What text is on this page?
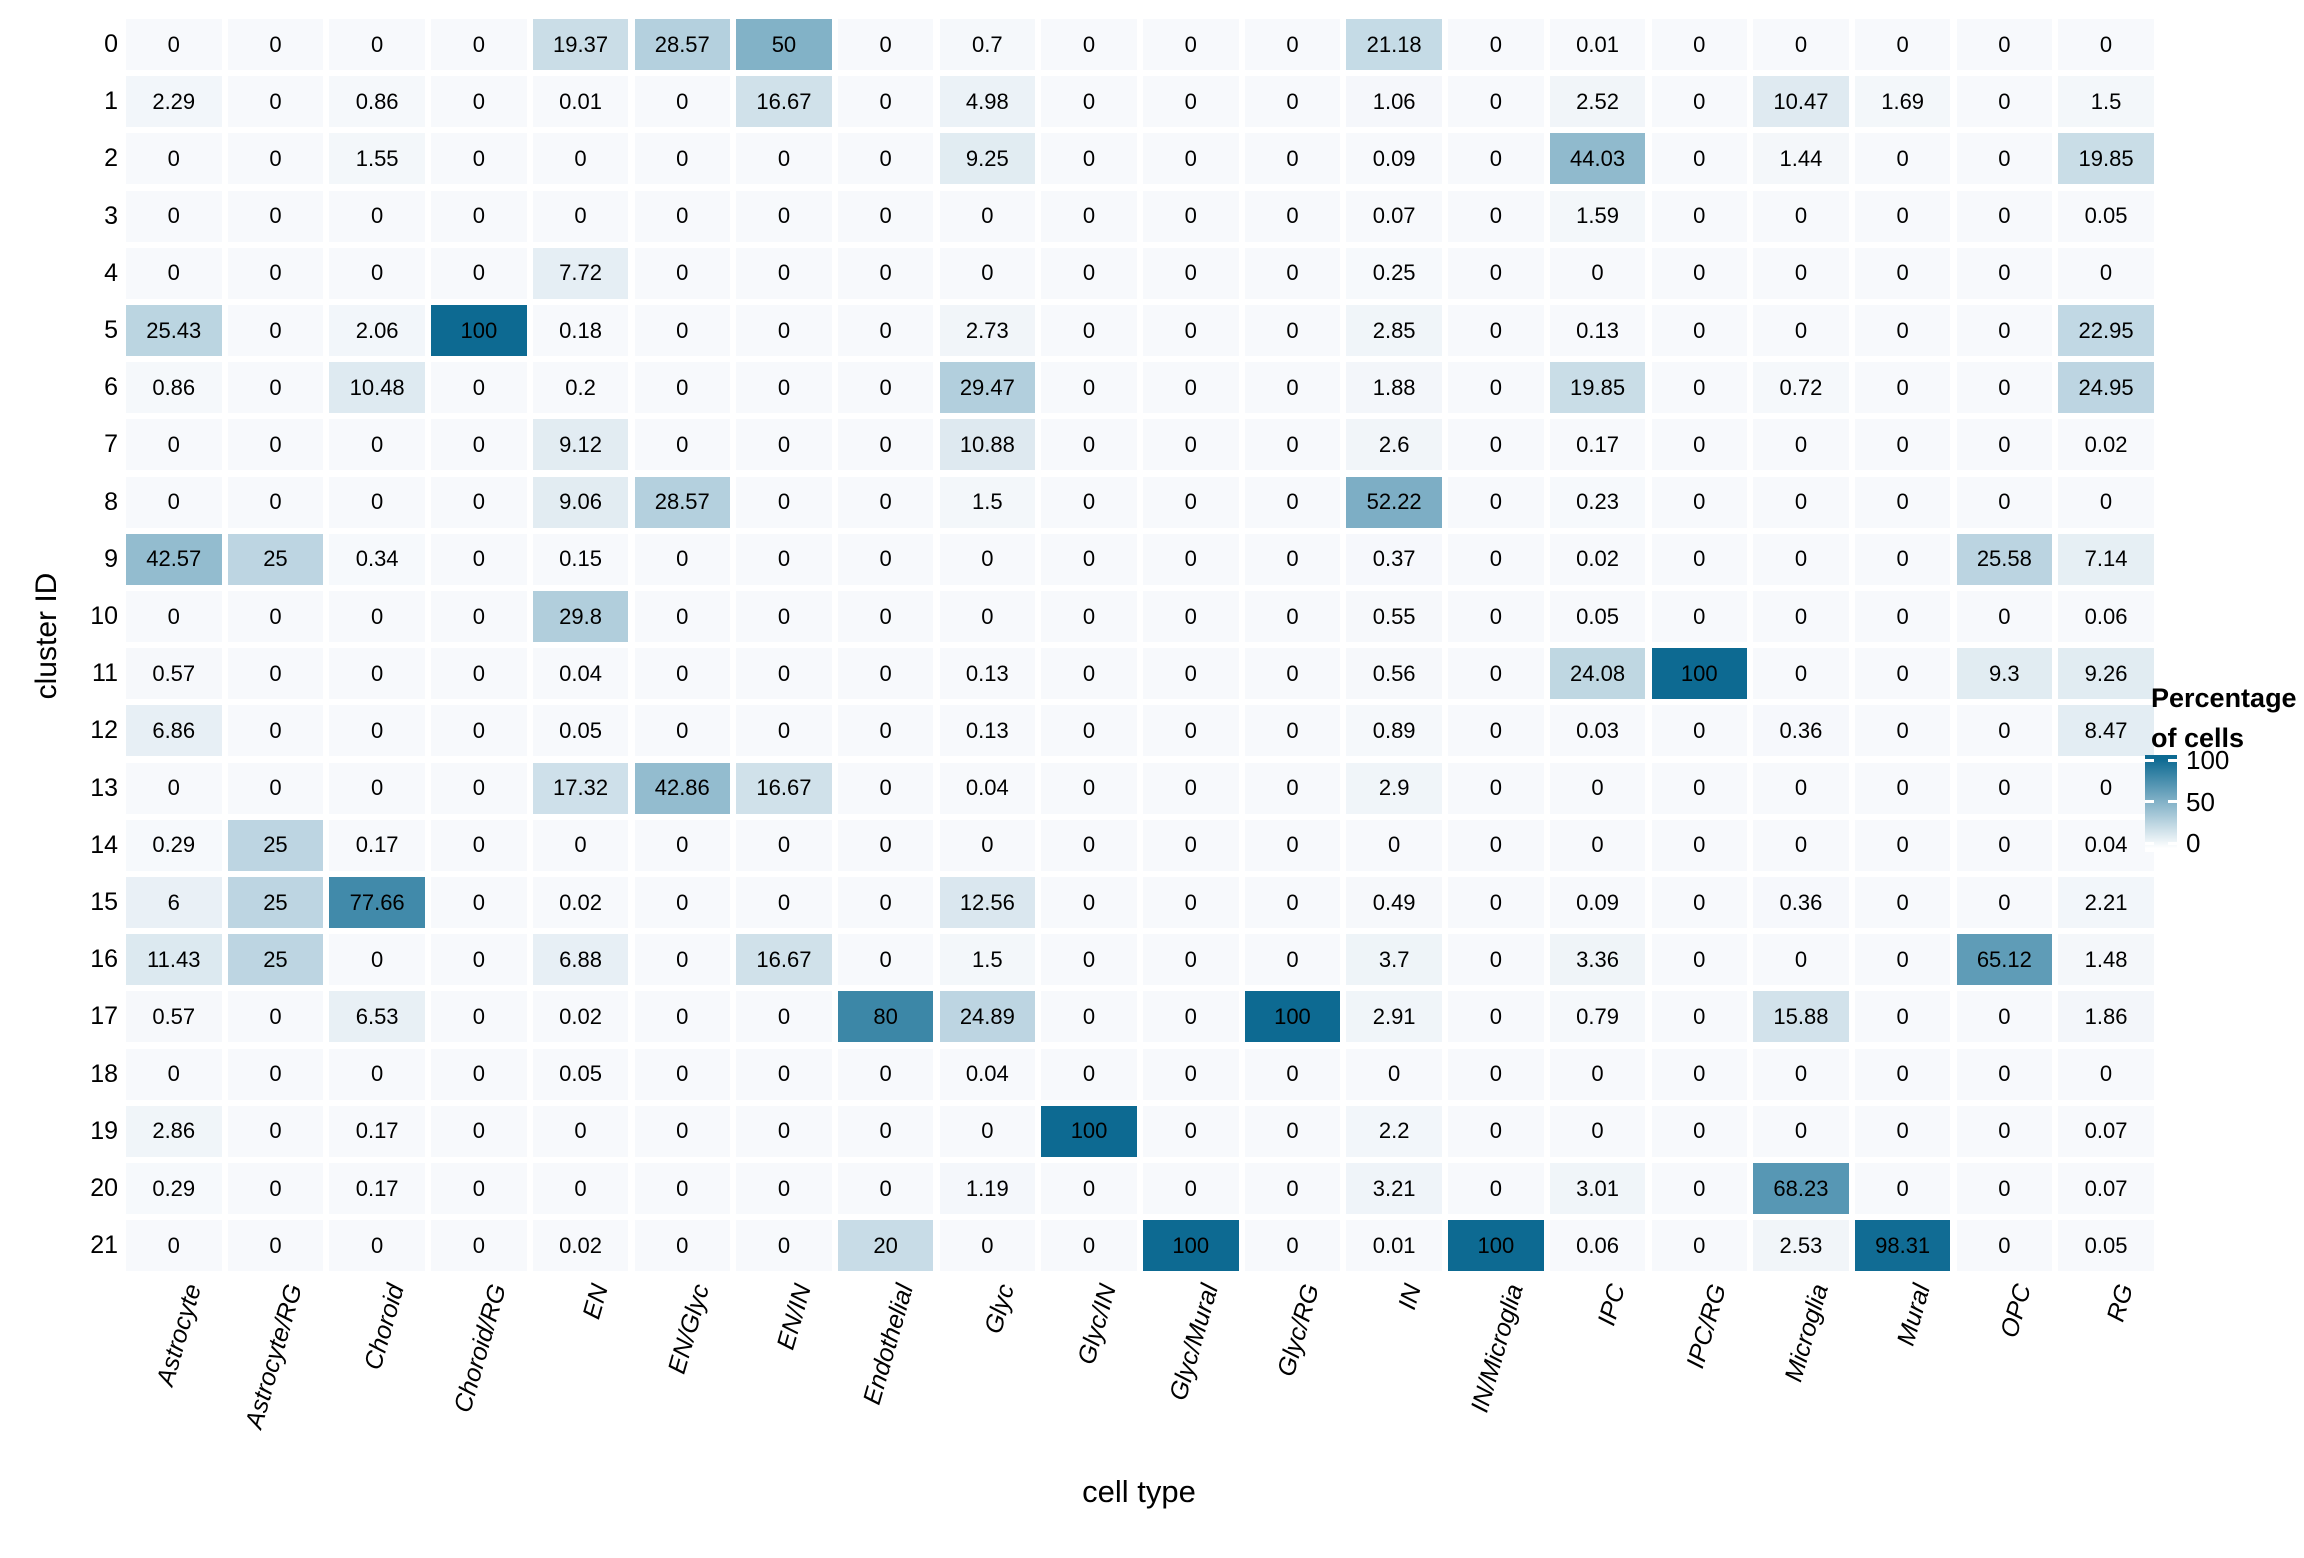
0	0	0	0	0	19.37	28.57	50	0	0.7	0	0	0	21.18	0	0.01	0	0	0	0	0
1	2.29	0	0.86	0	0.01	0	16.67	0	4.98	0	0	0	1.06	0	2.52	0	10.47	1.69	0	1.5
2	0	0	1.55	0	0	0	0	0	9.25	0	0	0	0.09	0	44.03	0	1.44	0	0	19.85
3	0	0	0	0	0	0	0	0	0	0	0	0	0.07	0	1.59	0	0	0	0	0.05
4	0	0	0	0	7.72	0	0	0	0	0	0	0	0.25	0	0	0	0	0	0	0
5	25.43	0	2.06	100	0.18	0	0	0	2.73	0	0	0	2.85	0	0.13	0	0	0	0	22.95
6	0.86	0	10.48	0	0.2	0	0	0	29.47	0	0	0	1.88	0	19.85	0	0.72	0	0	24.95
7	0	0	0	0	9.12	0	0	0	10.88	0	0	0	2.6	0	0.17	0	0	0	0	0.02
8	0	0	0	0	9.06	28.57	0	0	1.5	0	0	0	52.22	0	0.23	0	0	0	0	0
9	42.57	25	0.34	0	0.15	0	0	0	0	0	0	0	0.37	0	0.02	0	0	0	25.58	7.14
10	0	0	0	0	29.8	0	0	0	0	0	0	0	0.55	0	0.05	0	0	0	0	0.06
11	0.57	0	0	0	0.04	0	0	0	0.13	0	0	0	0.56	0	24.08	100	0	0	9.3	9.26
12	6.86	0	0	0	0.05	0	0	0	0.13	0	0	0	0.89	0	0.03	0	0.36	0	0	8.47
13	0	0	0	0	17.32	42.86	16.67	0	0.04	0	0	0	2.9	0	0	0	0	0	0	0
14	0.29	25	0.17	0	0	0	0	0	0	0	0	0	0	0	0	0	0	0	0	0.04
15	6	25	77.66	0	0.02	0	0	0	12.56	0	0	0	0.49	0	0.09	0	0.36	0	0	2.21
16	11.43	25	0	0	6.88	0	16.67	0	1.5	0	0	0	3.7	0	3.36	0	0	0	65.12	1.48
17	0.57	0	6.53	0	0.02	0	0	80	24.89	0	0	100	2.91	0	0.79	0	15.88	0	0	1.86
18	0	0	0	0	0.05	0	0	0	0.04	0	0	0	0	0	0	0	0	0	0	0
19	2.86	0	0.17	0	0	0	0	0	0	100	0	0	2.2	0	0	0	0	0	0	0.07
20	0.29	0	0.17	0	0	0	0	0	1.19	0	0	0	3.21	0	3.01	0	68.23	0	0	0.07
21	0	0	0	0	0.02	0	0	20	0	0	100	0	0.01	100	0.06	0	2.53	98.31	0	0.05
Astrocyte	Astrocyte/RG	Choroid	Choroid/RG	EN	EN/Glyc	EN/IN	Endothelial	Glyc	Glyc/IN	Glyc/Mural	Glyc/RG	IN	IN/Microglia	IPC	IPC/RG	Microglia	Mural	OPC	RG
cluster ID
cell type
Percentage
of cells
100
50
0
